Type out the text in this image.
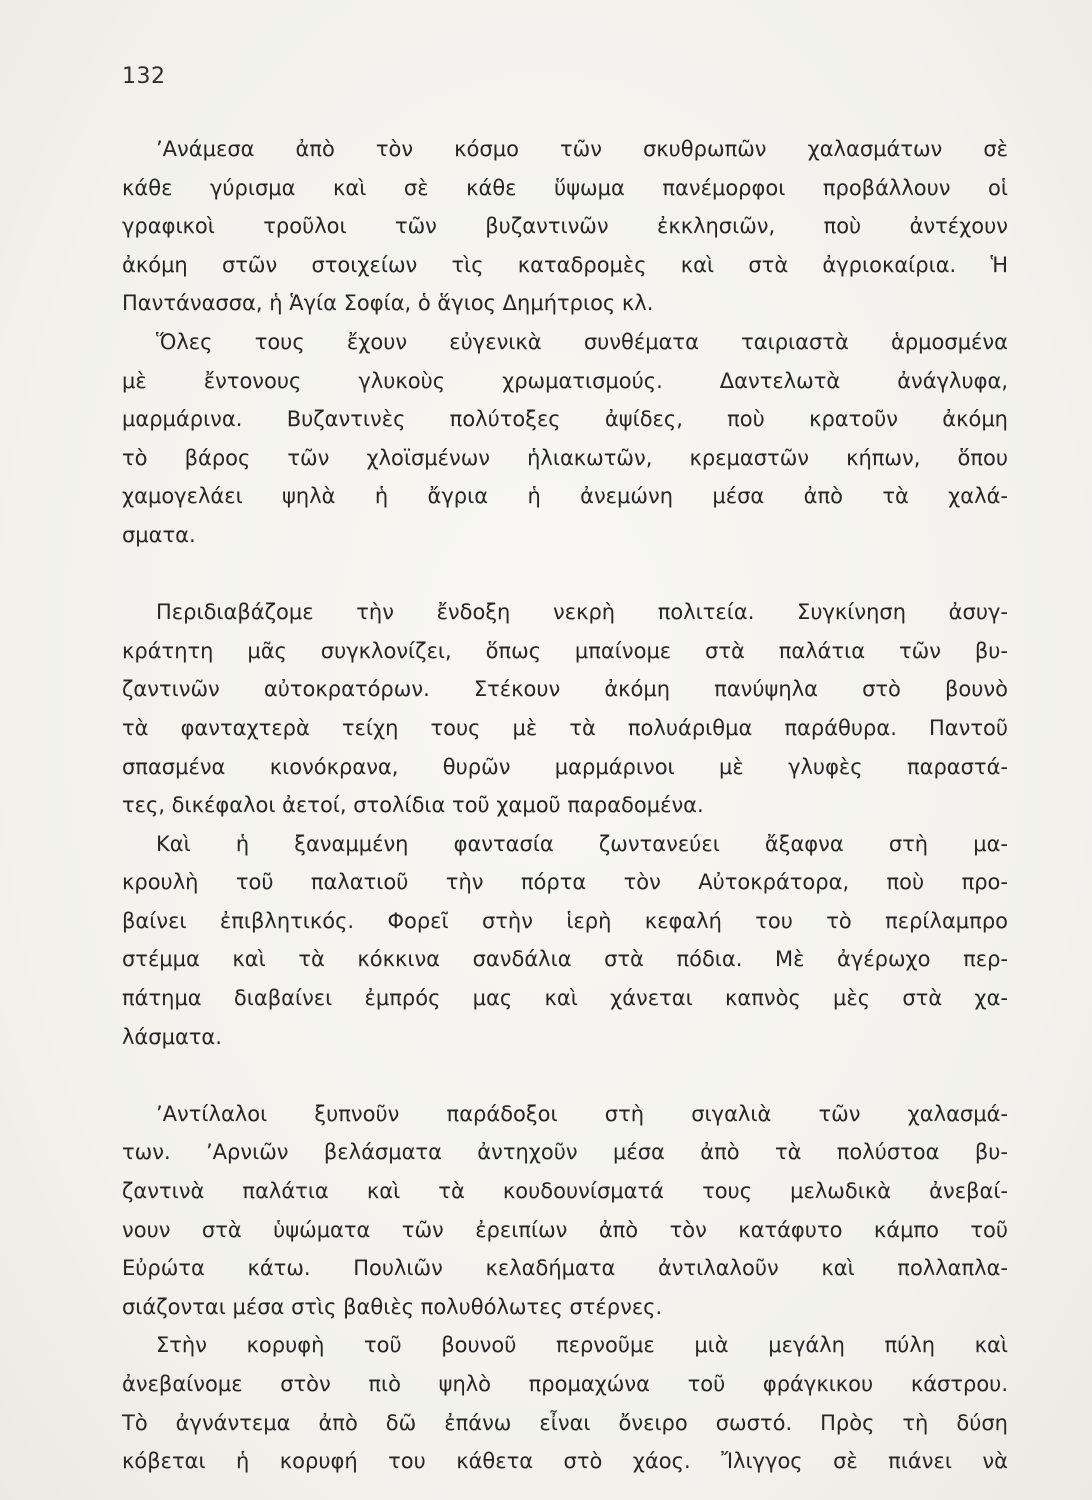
132
’Ανάμεσα ἀπὸ τὸν κόσμο τῶν σκυθρωπῶν χαλασμάτων σὲ
κάθε γύρισμα καὶ σὲ κάθε ὕψωμα πανέμορφοι προβάλλουν οἱ
γραφικοὶ τροῦλοι τῶν βυζαντινῶν ἐκκλησιῶν, ποὺ ἀντέχουν
ἀκόμη στῶν στοιχείων τὶς καταδρομὲς καὶ στὰ ἀγριοκαίρια. Ἡ
Παντάνασσα, ἡ Ἁγία Σοφία, ὁ ἅγιος Δημήτριος κλ.
Ὅλες τους ἔχουν εὐγενικὰ συνθέματα ταιριαστὰ ἁρμοσμένα
μὲ ἔντονους γλυκοὺς χρωματισμούς. Δαντελωτὰ ἀνάγλυφα,
μαρμάρινα. Βυζαντινὲς πολύτοξες ἀψίδες, ποὺ κρατοῦν ἀκόμη
τὸ βάρος τῶν χλοϊσμένων ἡλιακωτῶν, κρεμαστῶν κήπων, ὅπου
χαμογελάει ψηλὰ ἡ ἄγρια ἡ ἀνεμώνη μέσα ἀπὸ τὰ χαλά-
σματα.
Περιδιαβάζομε τὴν ἔνδοξη νεκρὴ πολιτεία. Συγκίνηση ἀσυγ-
κράτητη μᾶς συγκλονίζει, ὅπως μπαίνομε στὰ παλάτια τῶν βυ-
ζαντινῶν αὐτοκρατόρων. Στέκουν ἀκόμη πανύψηλα στὸ βουνὸ
τὰ φανταχτερὰ τείχη τους μὲ τὰ πολυάριθμα παράθυρα. Παντοῦ
σπασμένα κιονόκρανα, θυρῶν μαρμάρινοι μὲ γλυφὲς παραστά-
τες, δικέφαλοι ἀετοί, στολίδια τοῦ χαμοῦ παραδομένα.
Καὶ ἡ ξαναμμένη φαντασία ζωντανεύει ἄξαφνα στὴ μα-
κρουλὴ τοῦ παλατιοῦ τὴν πόρτα τὸν Αὐτοκράτορα, ποὺ προ-
βαίνει ἐπιβλητικός. Φορεῖ στὴν ἱερὴ κεφαλή του τὸ περίλαμπρο
στέμμα καὶ τὰ κόκκινα σανδάλια στὰ πόδια. Μὲ ἀγέρωχο περ-
πάτημα διαβαίνει ἐμπρός μας καὶ χάνεται καπνὸς μὲς στὰ χα-
λάσματα.
’Αντίλαλοι ξυπνοῦν παράδοξοι στὴ σιγαλιὰ τῶν χαλασμά-
των. ’Αρνιῶν βελάσματα ἀντηχοῦν μέσα ἀπὸ τὰ πολύστοα βυ-
ζαντινὰ παλάτια καὶ τὰ κουδουνίσματά τους μελωδικὰ ἀνεβαί-
νουν στὰ ὑψώματα τῶν ἐρειπίων ἀπὸ τὸν κατάφυτο κάμπο τοῦ
Εὐρώτα κάτω. Πουλιῶν κελαδήματα ἀντιλαλοῦν καὶ πολλαπλα-
σιάζονται μέσα στὶς βαθιὲς πολυθόλωτες στέρνες.
Στὴν κορυφὴ τοῦ βουνοῦ περνοῦμε μιὰ μεγάλη πύλη καὶ
ἀνεβαίνομε στὸν πιὸ ψηλὸ προμαχώνα τοῦ φράγκικου κάστρου.
Τὸ ἀγνάντεμα ἀπὸ δῶ ἐπάνω εἶναι ὄνειρο σωστό. Πρὸς τὴ δύση
κόβεται ἡ κορυφή του κάθετα στὸ χάος. Ἴλιγγος σὲ πιάνει νὰ
